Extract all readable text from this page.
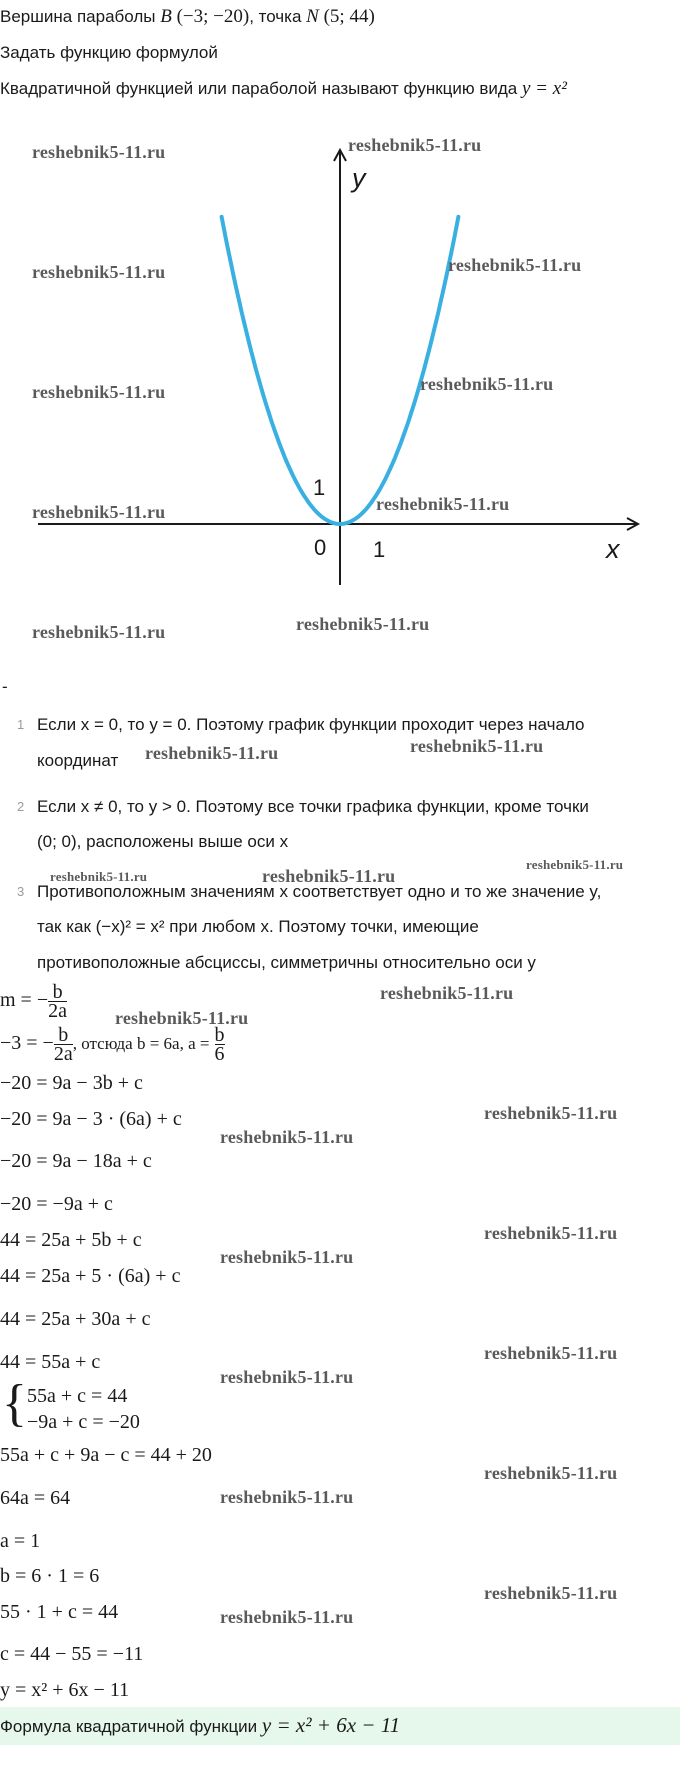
Вершина параболы B (−3; −20), точка N (5; 44)
Задать функцию формулой
Квадратичной функцией или параболой называют функцию вида y = x²
y
x
0 1
1
reshebnik5-11.ru	reshebnik5-11.ru
reshebnik5-11.ru	reshebnik5-11.ru
reshebnik5-11.ru	reshebnik5-11.ru
reshebnik5-11.ru	reshebnik5-11.ru
reshebnik5-11.ru	reshebnik5-11.ru
-
1 Если x = 0, то y = 0. Поэтому график функции проходит через начало
координат
2 Если x ≠ 0, то y > 0. Поэтому все точки графика функции, кроме точки
(0; 0), расположены выше оси x
3 Противоположным значениям x соответствует одно и то же значение y,
так как (−x)² = x² при любом x. Поэтому точки, имеющие
противоположные абсциссы, симметричны относительно оси y
reshebnik5-11.ru	reshebnik5-11.ru
reshebnik5-11.ru
reshebnik5-11.ru	reshebnik5-11.ru
m = − $\frac{b}{2a}$
−3 = − $\frac{b}{2a}$ , отсюда b = 6a, $a = \frac{b}{6}$
−20 = 9a − 3b + c
−20 = 9a − 3 · (6a) + c
−20 = 9a − 18a + c
−20 = −9a + c
44 = 25a + 5b + c
44 = 25a + 5 · (6a) + c
44 = 25a + 30a + c
44 = 55a + c
{ 55a + c = 44
−9a + c = −20
55a + c + 9a − c = 44 + 20
64a = 64
a = 1
b = 6 · 1 = 6
55 · 1 + c = 44
c = 44 − 55 = −11
y = x² + 6x − 11
reshebnik5-11.ru
reshebnik5-11.ru
reshebnik5-11.ru
reshebnik5-11.ru
reshebnik5-11.ru
reshebnik5-11.ru
reshebnik5-11.ru
reshebnik5-11.ru
reshebnik5-11.ru
reshebnik5-11.ru
reshebnik5-11.ru
reshebnik5-11.ru
Формула квадратичной функции y = x² + 6x − 11
